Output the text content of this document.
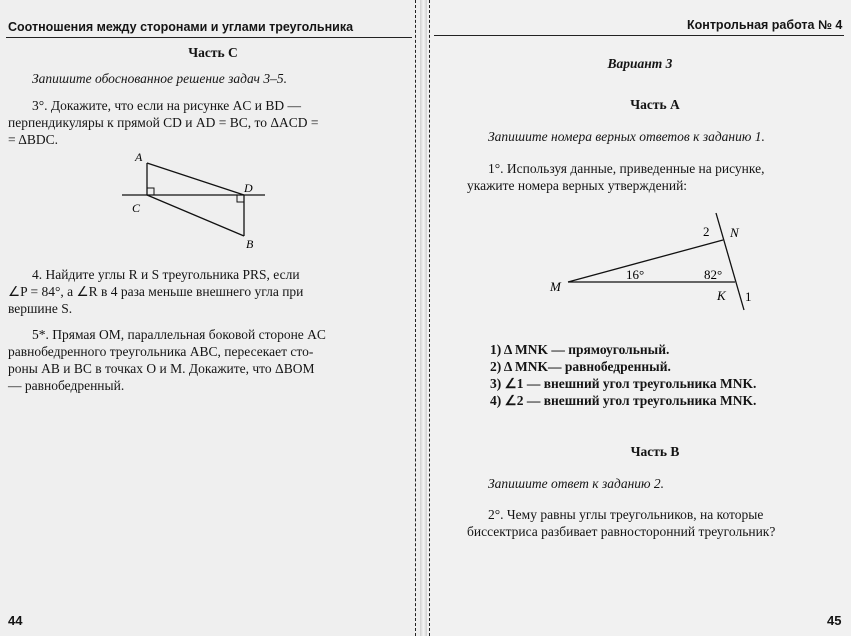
Соотношения между сторонами и углами треугольника
Часть С
Запишите обоснованное решение задач 3–5.
3°. Докажите, что если на рисунке AC и BD —
перпендикуляры к прямой CD и AD = BC, то ΔACD =
= ΔBDC.
A
C
D
B
4. Найдите углы R и S треугольника PRS, если
∠P = 84°, а ∠R в 4 раза меньше внешнего угла при
вершине S.
5*. Прямая OM, параллельная боковой стороне AC
равнобедренного треугольника ABC, пересекает сто-
роны AB и BC в точках O и M. Докажите, что ΔBOM
— равнобедренный.
44
Контрольная работа № 4
Вариант 3
Часть А
Запишите номера верных ответов к заданию 1.
1°. Используя данные, приведенные на рисунке,
укажите номера верных утверждений:
M
N
K
2
1
16°	82°
1) Δ MNK — прямоугольный.
2) Δ MNK— равнобедренный.
3) ∠1 — внешний угол треугольника MNK.
4) ∠2 — внешний угол треугольника MNK.
Часть В
Запишите ответ к заданию 2.
2°. Чему равны углы треугольников, на которые
биссектриса разбивает равносторонний треугольник?
45
